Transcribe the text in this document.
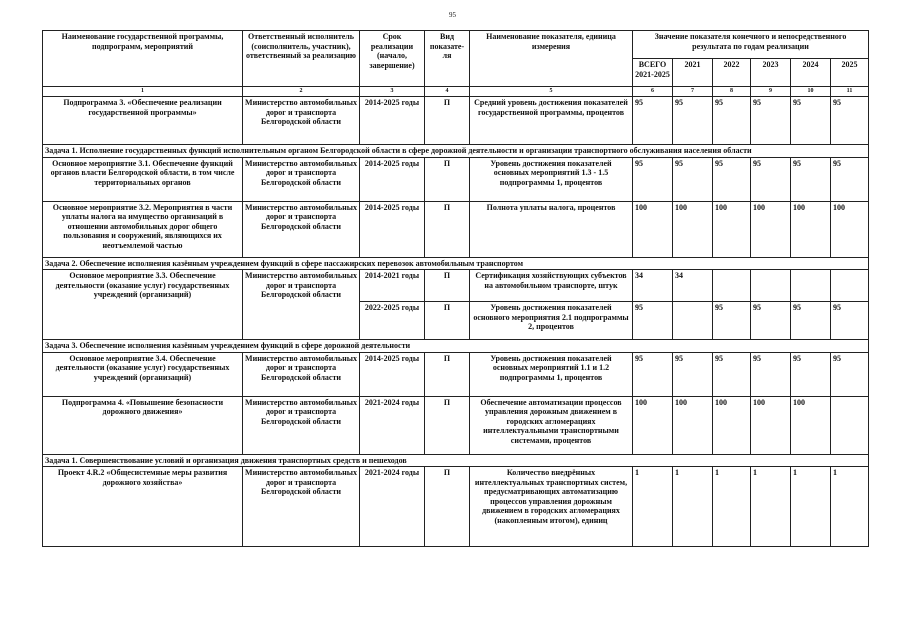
95
Наименование государственной программы, подпрограмм, мероприятий	Ответственный исполнитель (соисполнитель, участник), ответственный за реализацию	Срок реализации (начало, завершение)	Вид показате-ля	Наименование показателя, единица измерения	Значение показателя конечного и непосредственного результата по годам реализации					
					ВСЕГО 2021-2025	2021	2022	2023	2024	2025
1	2	3	4	5	6	7	8	9	10	11
Подпрограмма 3. «Обеспечение реализации государственной программы»	Министерство автомобильных дорог и транспорта Белгородской области	2014-2025 годы	П	Средний уровень достижения показателей государственной программы, процентов	95	95	95	95	95	95
Задача 1. Исполнение государственных функций исполнительным органом Белгородской области в сфере дорожной деятельности и организации транспортного обслуживания населения области										
Основное мероприятие 3.1. Обеспечение функций органов власти Белгородской области, в том числе территориальных органов	Министерство автомобильных дорог и транспорта Белгородской области	2014-2025 годы	П	Уровень достижения показателей основных мероприятий 1.3 - 1.5 подпрограммы 1, процентов	95	95	95	95	95	95
Основное мероприятие 3.2. Мероприятия в части уплаты налога на имущество организаций в отношении автомобильных дорог общего пользования и сооружений, являющихся их неотъемлемой частью	Министерство автомобильных дорог и транспорта Белгородской области	2014-2025 годы	П	Полнота уплаты налога, процентов	100	100	100	100	100	100
Задача 2. Обеспечение исполнения казённым учреждением функций в сфере пассажирских перевозок автомобильным транспортом										
Основное мероприятие 3.3. Обеспечение деятельности (оказание услуг) государственных учреждений (организаций)	Министерство автомобильных дорог и транспорта Белгородской области	2014-2021 годы	П	Сертификация хозяйствующих субъектов на автомобильном транспорте, штук	34	34				
		2022-2025 годы	П	Уровень достижения показателей основного мероприятия 2.1 подпрограммы 2, процентов	95		95	95	95	95
Задача 3. Обеспечение исполнения казённым учреждением функций в сфере дорожной деятельности										
Основное мероприятие 3.4. Обеспечение деятельности (оказание услуг) государственных учреждений (организаций)	Министерство автомобильных дорог и транспорта Белгородской области	2014-2025 годы	П	Уровень достижения показателей основных мероприятий 1.1 и 1.2 подпрограммы 1, процентов	95	95	95	95	95	95
Подпрограмма 4. «Повышение безопасности дорожного движения»	Министерство автомобильных дорог и транспорта Белгородской области	2021-2024 годы	П	Обеспечение автоматизации процессов управления дорожным движением в городских агломерациях интеллектуальными транспортными системами, процентов	100	100	100	100	100	
Задача 1. Совершенствование условий и организация движения транспортных средств и пешеходов										
Проект 4.R.2 «Общесистемные меры развития дорожного хозяйства»	Министерство автомобильных дорог и транспорта Белгородской области	2021-2024 годы	П	Количество внедрённых интеллектуальных транспортных систем, предусматривающих автоматизацию процессов управления дорожным движением в городских агломерациях (накопленным итогом), единиц	1	1	1	1	1	1
